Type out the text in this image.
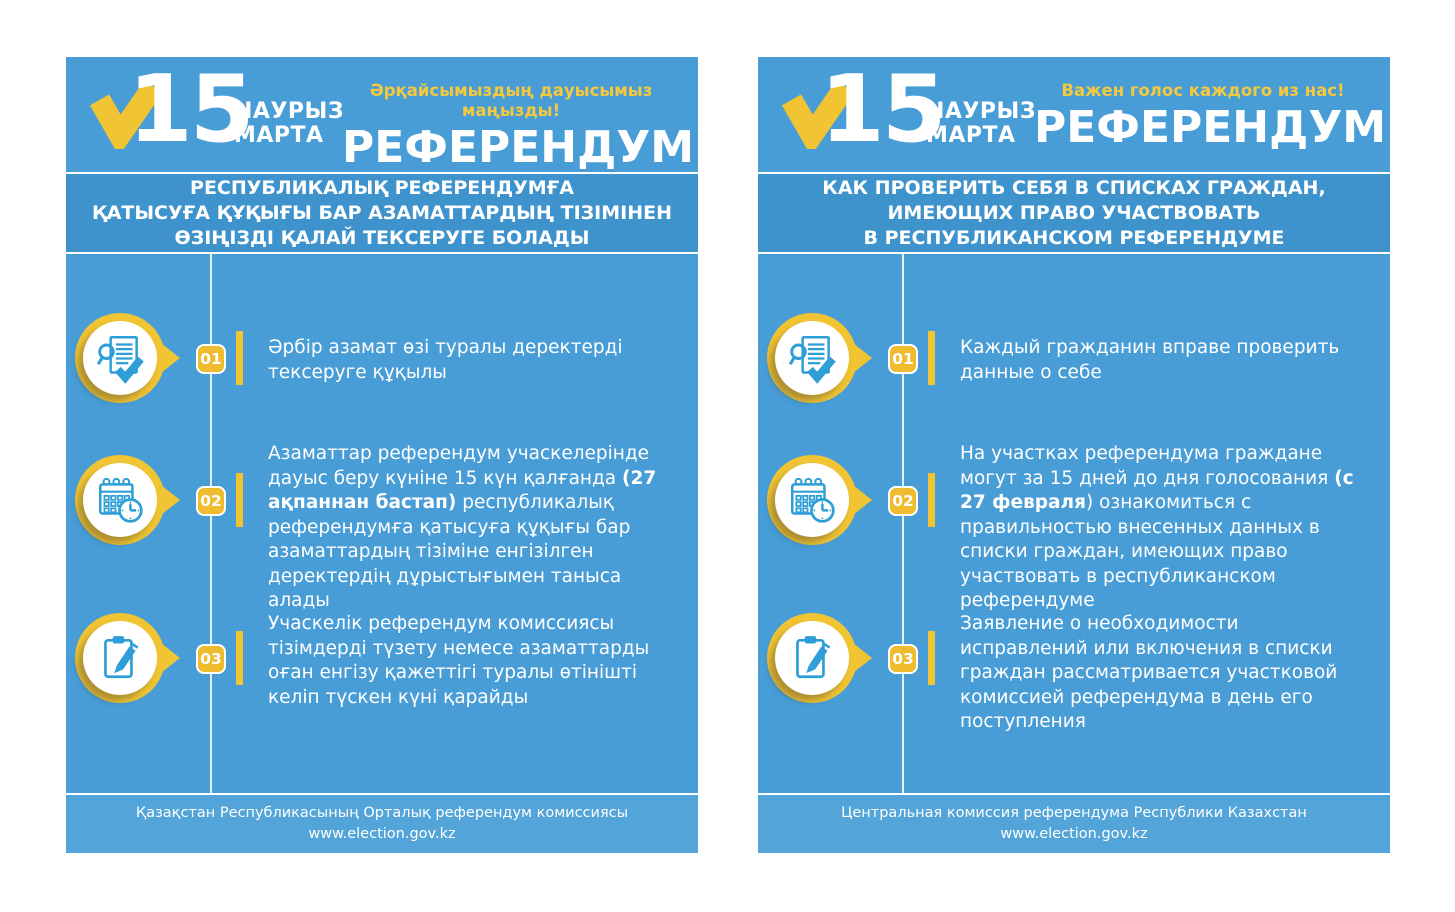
15
НАУРЫЗ
МАРТА
Әрқайсымыздың дауысымыз маңызды!
РЕФЕРЕНДУМ
РЕСПУБЛИКАЛЫҚ РЕФЕРЕНДУМҒА
ҚАТЫСУҒА ҚҰҚЫҒЫ БАР АЗАМАТТАРДЫҢ ТІЗІМІНЕН
ӨЗІҢІЗДІ ҚАЛАЙ ТЕКСЕРУГЕ БОЛАДЫ
01
Әрбір азамат өзі туралы деректерді тексеруге құқылы
02
Азаматтар референдум учаскелерінде дауыс беру күніне 15 күн қалғанда (27 ақпаннан бастап) республикалық референдумға қатысуға құқығы бар азаматтардың тізіміне енгізілген деректердің дұрыстығымен таныса алады
03
Учаскелік референдум комиссиясы тізімдерді түзету немесе азаматтарды оған енгізу қажеттігі туралы өтінішті келіп түскен күні қарайды
Қазақстан Республикасының Орталық референдум комиссиясы
www.election.gov.kz
15
НАУРЫЗ
МАРТА
Важен голос каждого из нас!
РЕФЕРЕНДУМ
КАК ПРОВЕРИТЬ СЕБЯ В СПИСКАХ ГРАЖДАН,
ИМЕЮЩИХ ПРАВО УЧАСТВОВАТЬ
В РЕСПУБЛИКАНСКОМ РЕФЕРЕНДУМЕ
01
Каждый гражданин вправе проверить данные о себе
02
На участках референдума граждане могут за 15 дней до дня голосования (с 27 февраля) ознакомиться с правильностью внесенных данных в списки граждан, имеющих право участвовать в республиканском референдуме
03
Заявление о необходимости исправлений или включения в списки граждан рассматривается участковой комиссией референдума в день его поступления
Центральная комиссия референдума Республики Казахстан
www.election.gov.kz
